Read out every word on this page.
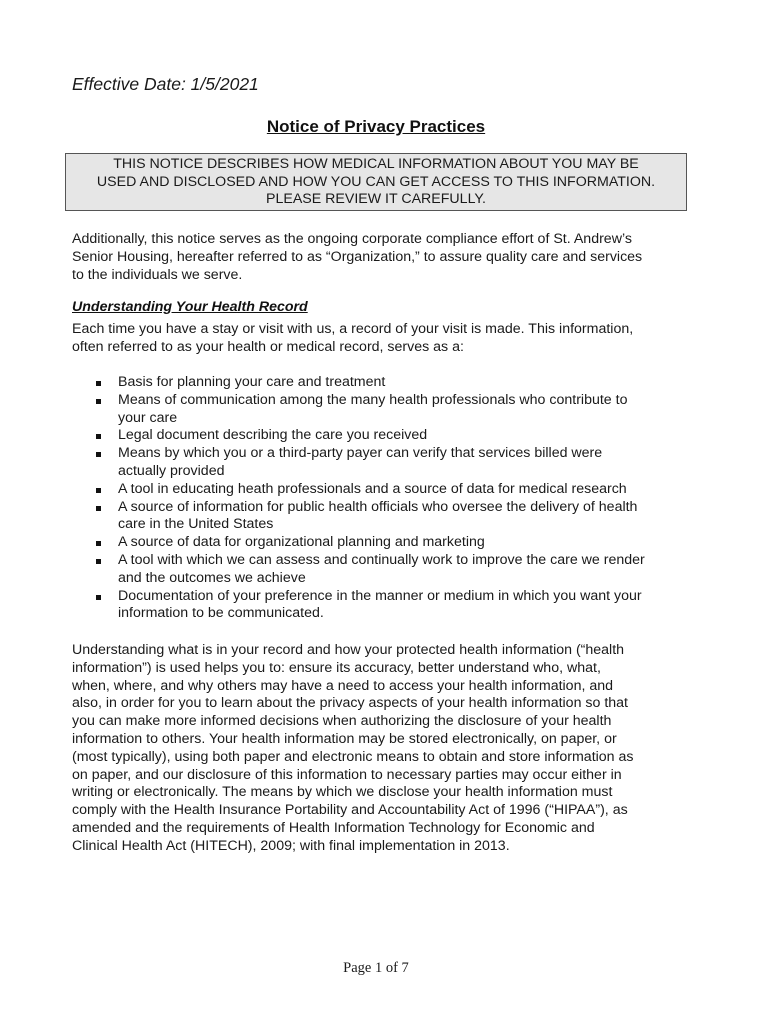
Effective Date: 1/5/2021
Notice of Privacy Practices
THIS NOTICE DESCRIBES HOW MEDICAL INFORMATION ABOUT YOU MAY BE
USED AND DISCLOSED AND HOW YOU CAN GET ACCESS TO THIS INFORMATION.
PLEASE REVIEW IT CAREFULLY.
Additionally, this notice serves as the ongoing corporate compliance effort of St. Andrew’s
Senior Housing, hereafter referred to as “Organization,” to assure quality care and services
to the individuals we serve.
Understanding Your Health Record
Each time you have a stay or visit with us, a record of your visit is made. This information,
often referred to as your health or medical record, serves as a:
Basis for planning your care and treatment
Means of communication among the many health professionals who contribute to
your care
Legal document describing the care you received
Means by which you or a third-party payer can verify that services billed were
actually provided
A tool in educating heath professionals and a source of data for medical research
A source of information for public health officials who oversee the delivery of health
care in the United States
A source of data for organizational planning and marketing
A tool with which we can assess and continually work to improve the care we render
and the outcomes we achieve
Documentation of your preference in the manner or medium in which you want your
information to be communicated.
Understanding what is in your record and how your protected health information (“health
information”) is used helps you to: ensure its accuracy, better understand who, what,
when, where, and why others may have a need to access your health information, and
also, in order for you to learn about the privacy aspects of your health information so that
you can make more informed decisions when authorizing the disclosure of your health
information to others. Your health information may be stored electronically, on paper, or
(most typically), using both paper and electronic means to obtain and store information as
on paper, and our disclosure of this information to necessary parties may occur either in
writing or electronically. The means by which we disclose your health information must
comply with the Health Insurance Portability and Accountability Act of 1996 (“HIPAA”), as
amended and the requirements of Health Information Technology for Economic and
Clinical Health Act (HITECH), 2009; with final implementation in 2013.
Page 1 of 7
